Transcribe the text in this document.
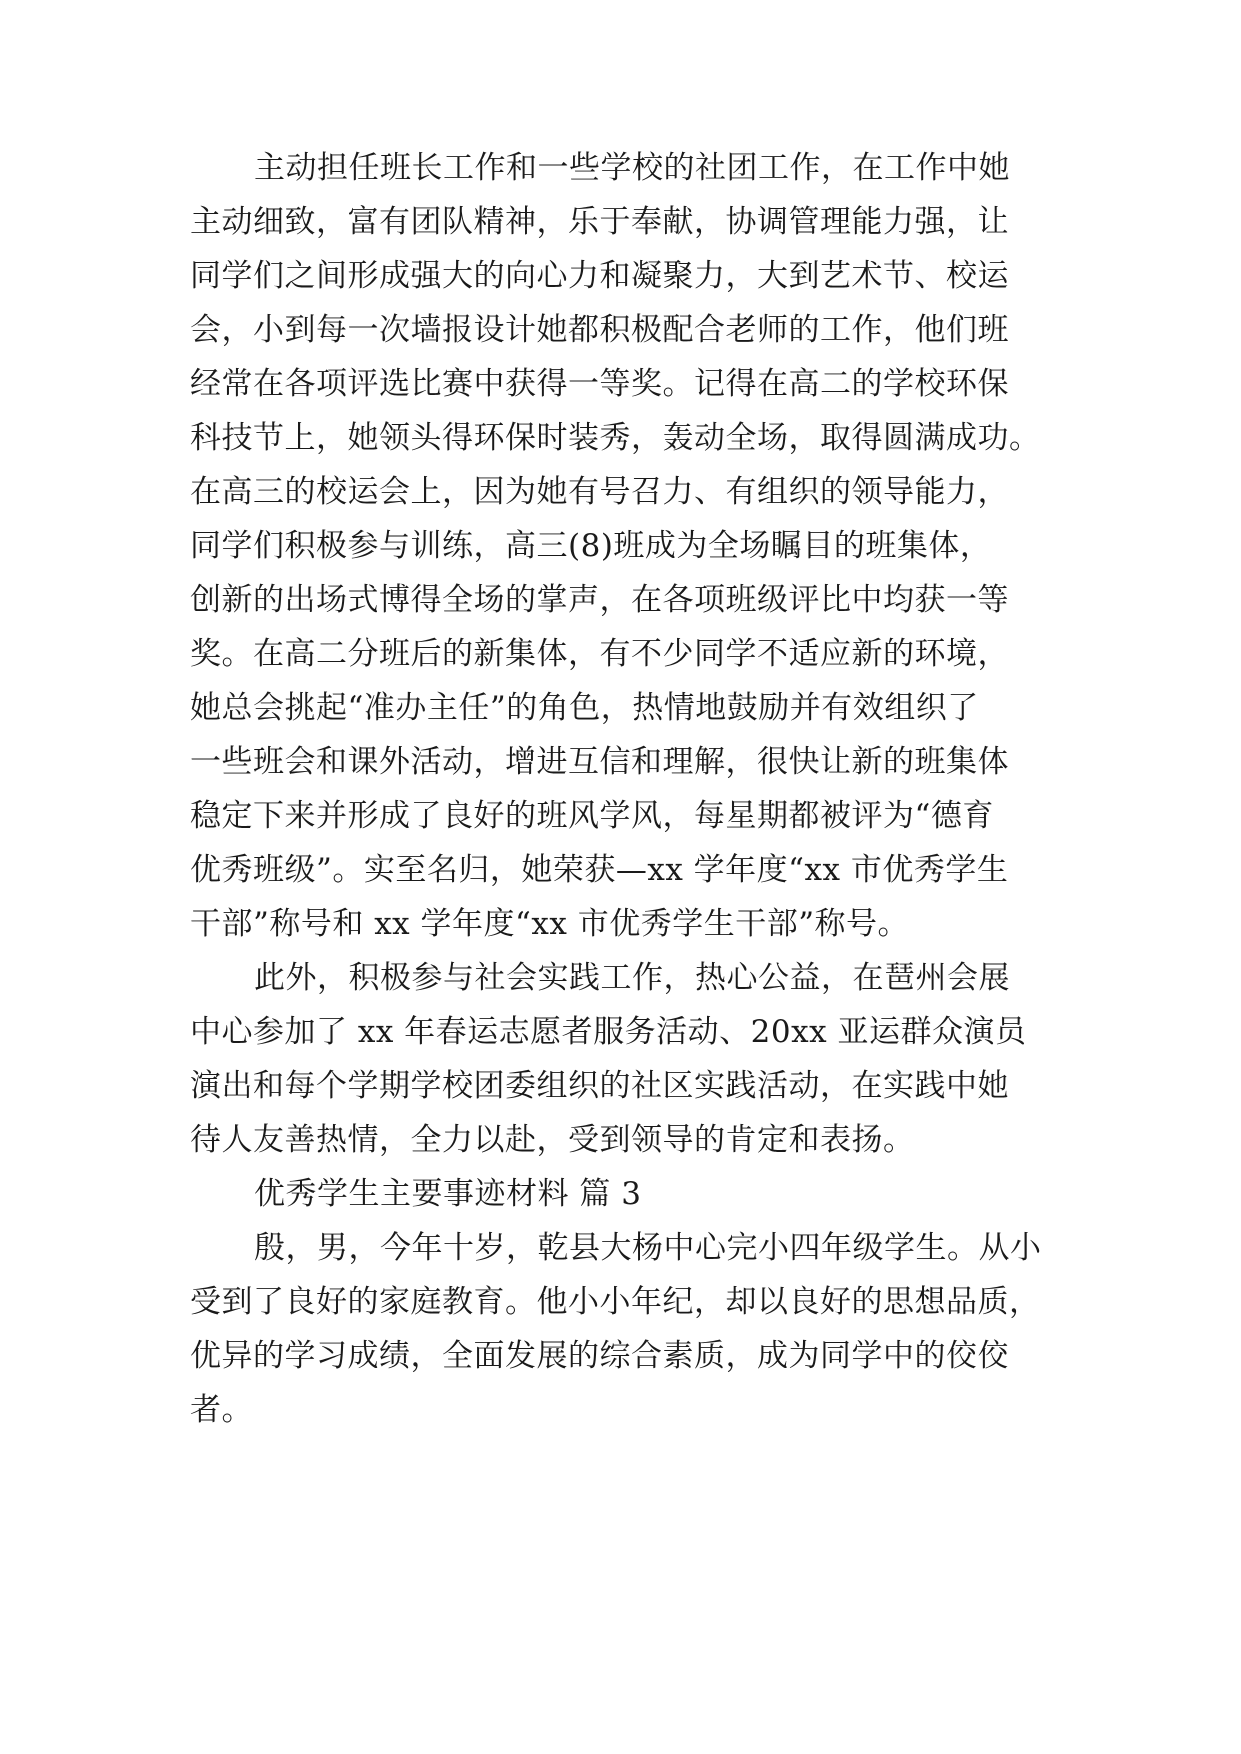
主动担任班长工作和一些学校的社团工作，在工作中她
主动细致，富有团队精神，乐于奉献，协调管理能力强，让
同学们之间形成强大的向心力和凝聚力，大到艺术节、校运
会，小到每一次墙报设计她都积极配合老师的工作，他们班
经常在各项评选比赛中获得一等奖。记得在高二的学校环保
科技节上，她领头得环保时装秀，轰动全场，取得圆满成功。
在高三的校运会上，因为她有号召力、有组织的领导能力，
同学们积极参与训练，高三(8)班成为全场瞩目的班集体，
创新的出场式博得全场的掌声，在各项班级评比中均获一等
奖。在高二分班后的新集体，有不少同学不适应新的环境，
她总会挑起“准办主任”的角色，热情地鼓励并有效组织了
一些班会和课外活动，增进互信和理解，很快让新的班集体
稳定下来并形成了良好的班风学风，每星期都被评为“德育
优秀班级”。实至名归，她荣获—xx 学年度“xx 市优秀学生
干部”称号和 xx 学年度“xx 市优秀学生干部”称号。
此外，积极参与社会实践工作，热心公益，在琶州会展
中心参加了 xx 年春运志愿者服务活动、20xx 亚运群众演员
演出和每个学期学校团委组织的社区实践活动，在实践中她
待人友善热情，全力以赴，受到领导的肯定和表扬。
优秀学生主要事迹材料 篇 3
殷，男，今年十岁，乾县大杨中心完小四年级学生。从小
受到了良好的家庭教育。他小小年纪，却以良好的思想品质，
优异的学习成绩，全面发展的综合素质，成为同学中的佼佼
者。
